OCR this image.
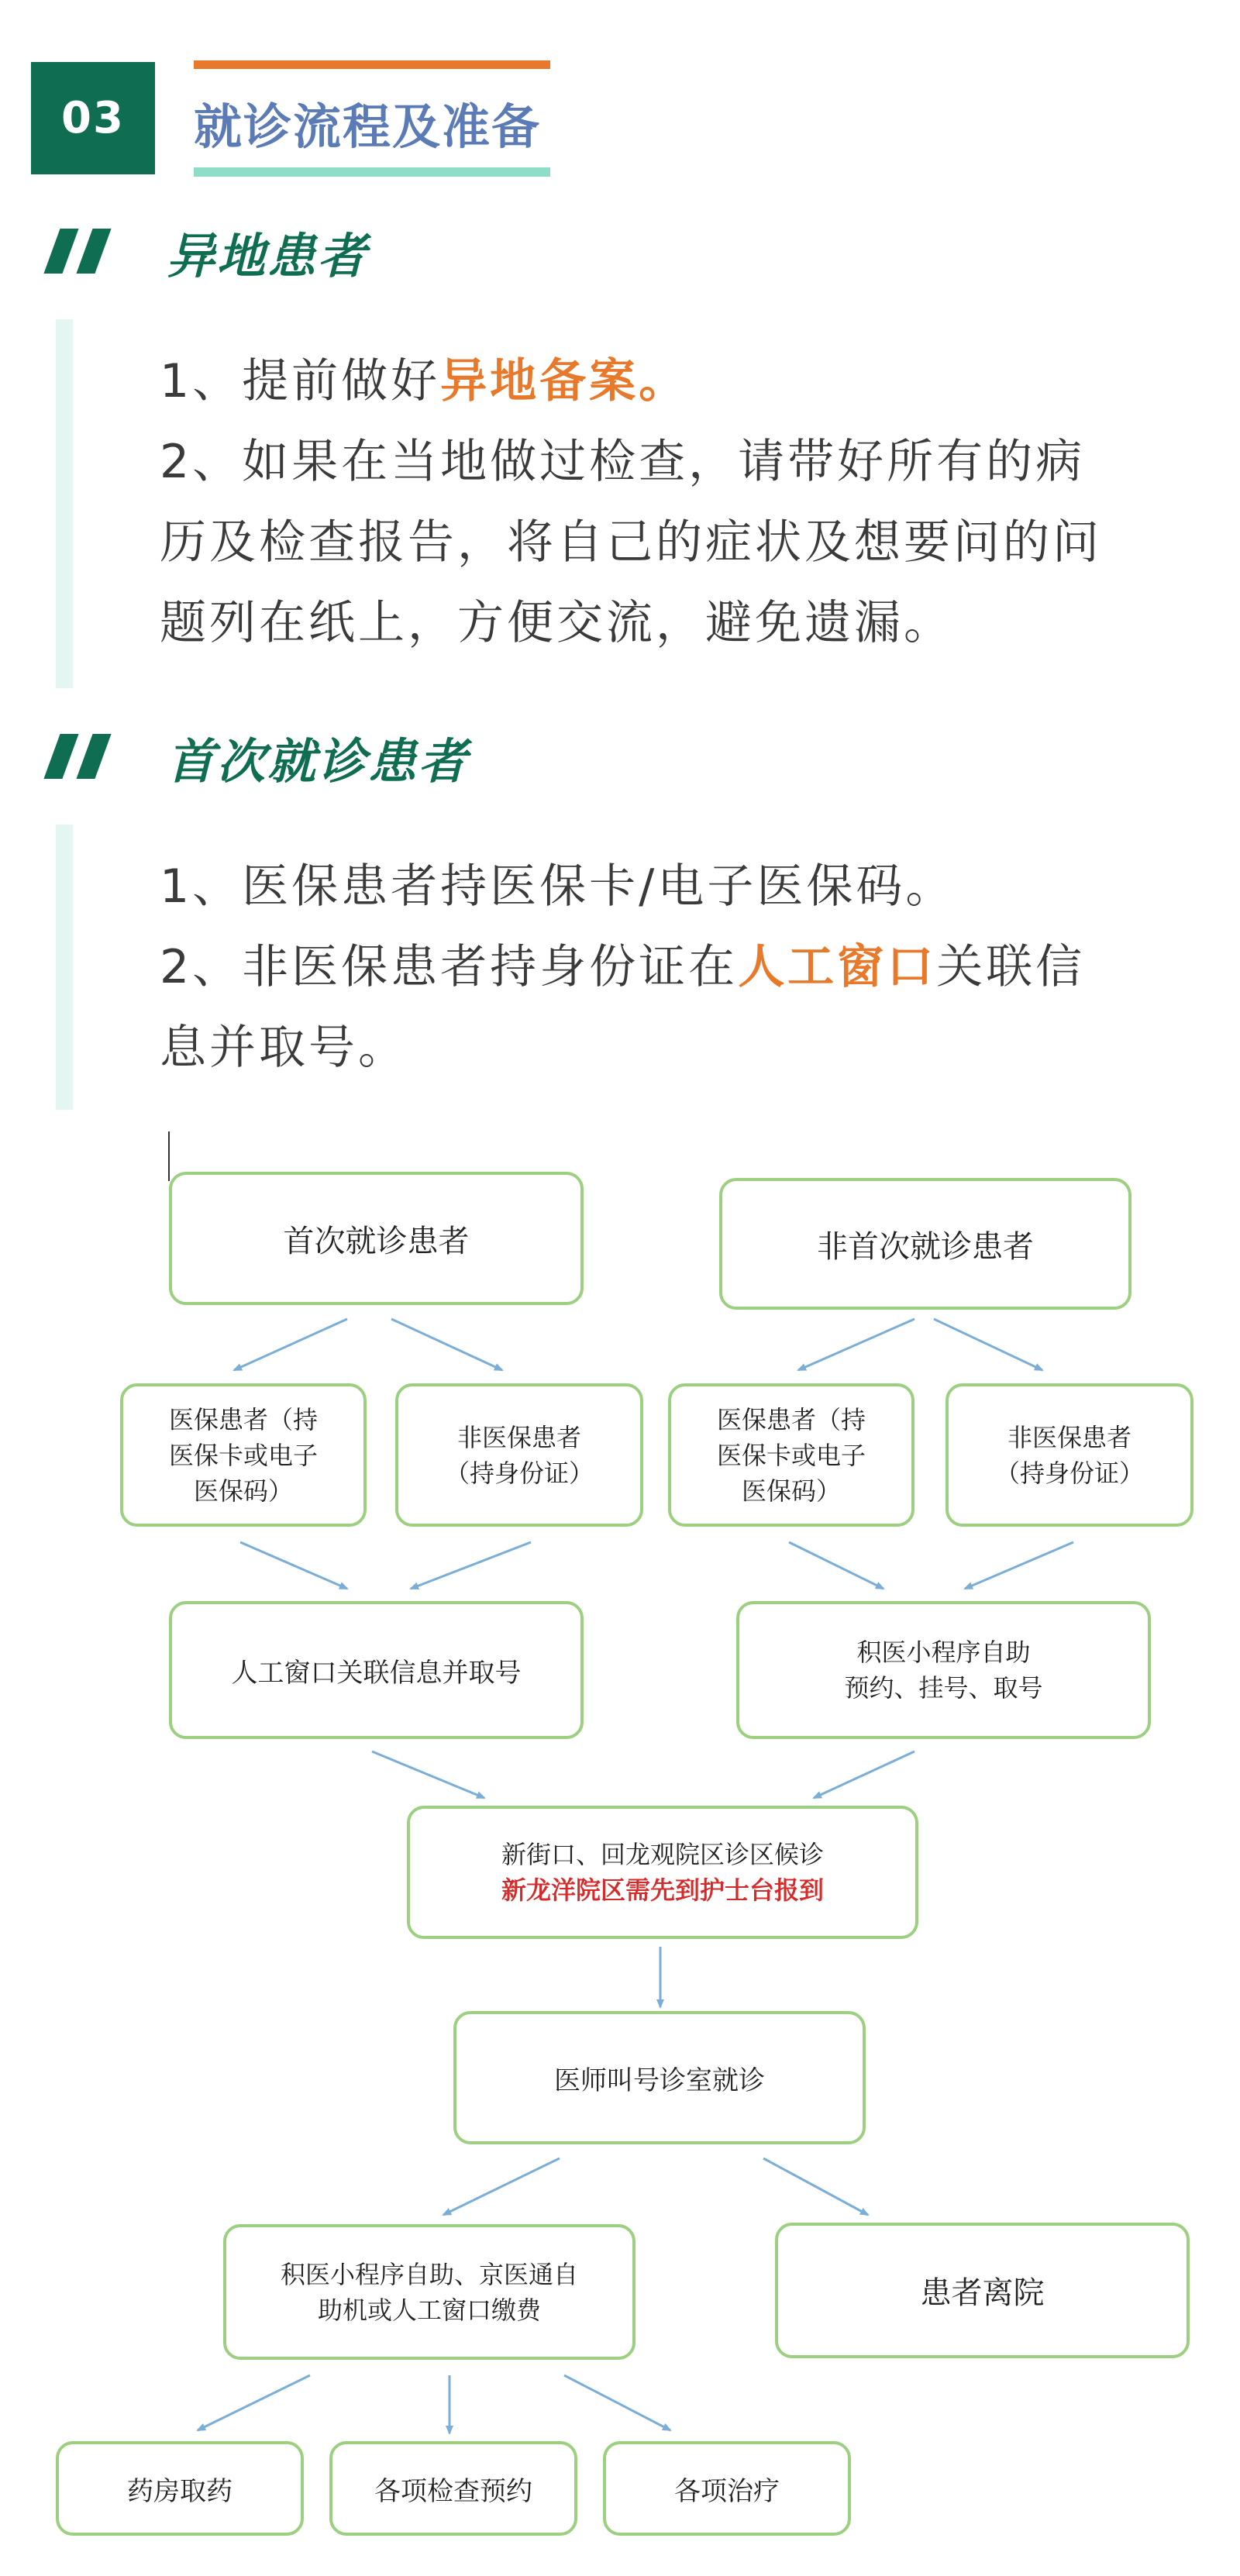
03	就诊流程及准备
异地患者
1、提前做好异地备案。
2、如果在当地做过检查，请带好所有的病
历及检查报告，将自己的症状及想要问的问
题列在纸上，方便交流，避免遗漏。
首次就诊患者
1、医保患者持医保卡/电子医保码。
2、非医保患者持身份证在人工窗口关联信
息并取号。
首次就诊患者	非首次就诊患者
医保患者（持
医保卡或电子
医保码）
非医保患者
（持身份证）
医保患者（持
医保卡或电子
医保码）
非医保患者
（持身份证）
人工窗口关联信息并取号
积医小程序自助
预约、挂号、取号
新街口、回龙观院区诊区候诊
新龙洋院区需先到护士台报到
医师叫号诊室就诊
积医小程序自助、京医通自
助机或人工窗口缴费	患者离院
药房取药	各项检查预约	各项治疗
